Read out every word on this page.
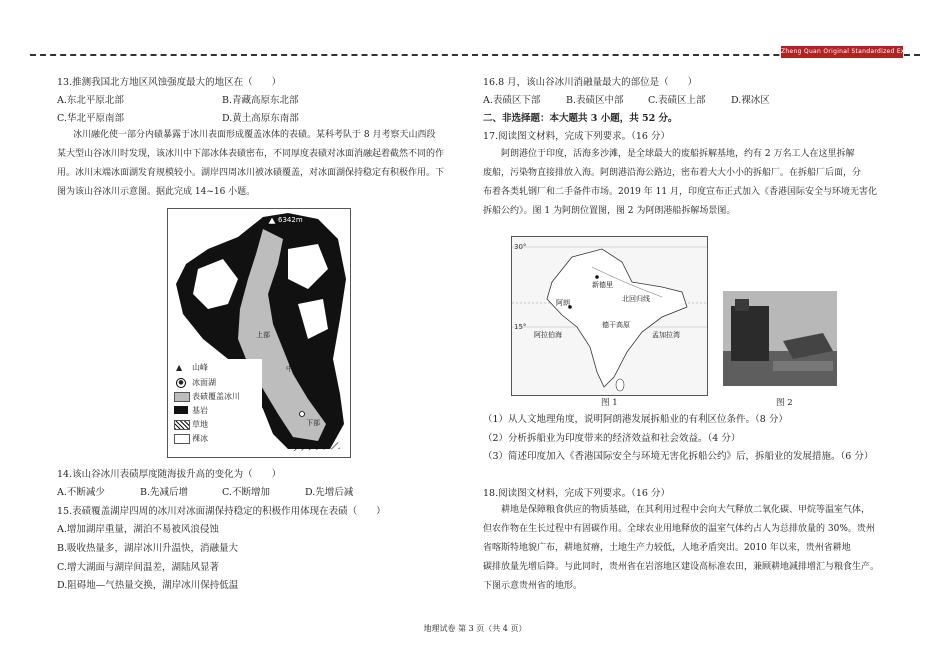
Zheng Quan Original Standardized Exam Paper
13.推测我国北方地区风蚀强度最大的地区在（　　）
A.东北平原北部	B.青藏高原东北部
C.华北平原南部	D.黄土高原东南部
冰川融化使一部分内碛暴露于冰川表面形成覆盖冰体的表碛。某科考队于 8 月考察天山西段
某大型山谷冰川时发现，该冰川中下部冰体表碛密布，不同厚度表碛对冰面消融起着截然不同的作
用。冰川末端冰面湖发育规模较小。湖岸四周冰川被冰碛覆盖，对冰面湖保持稳定有积极作用。下
图为该山谷冰川示意图。据此完成 14~16 小题。
6342m
上部
中部
下部
▲	山峰
● 冰面湖
表碛覆盖冰川
基岩
草地
裸冰
14.该山谷冰川表碛厚度随海拔升高的变化为（　　）
A.不断减少	B.先减后增	C.不断增加	D.先增后减
15.表碛覆盖湖岸四周的冰川对冰面湖保持稳定的积极作用体现在表碛（　　）
A.增加湖岸重量，湖泊不易被风浪侵蚀
B.吸收热量多，湖岸冰川升温快，消融量大
C.增大湖面与湖岸间温差，湖陆风显著
D.阻碍地—气热量交换，湖岸冰川保持低温
16.8 月，该山谷冰川消融量最大的部位是（　　）
A.表碛区下部	B.表碛区中部	C.表碛区上部	D.裸冰区
二、非选择题：本大题共 3 小题，共 52 分。
17.阅读图文材料，完成下列要求。（16 分）
阿朗港位于印度，活海多沙滩，是全球最大的废船拆解基地，约有 2 万名工人在这里拆解
废船，污染物直接排放入海。阿朗港沿海公路边，密布着大大小小的拆船厂。在拆船厂后面，分
布着各类轧钢厂和二手备件市场。2019 年 11 月，印度宣布正式加入《香港国际安全与环境无害化
拆船公约》。图 1 为阿朗位置图，图 2 为阿朗港船拆解场景图。
30°
15°
新德里
北回归线
阿朗
阿拉伯海	孟加拉湾
德干高原
图 1	图 2
（1）从人文地理角度，说明阿朗港发展拆船业的有利区位条件。（8 分）
（2）分析拆船业为印度带来的经济效益和社会效益。（4 分）
（3）简述印度加入《香港国际安全与环境无害化拆船公约》后，拆船业的发展措施。（6 分）
18.阅读图文材料，完成下列要求。（16 分）
耕地是保障粮食供应的物质基础，在其利用过程中会向大气释放二氧化碳、甲烷等温室气体，
但农作物在生长过程中有固碳作用。全球农业用地释放的温室气体约占人为总排放量的 30%。贵州
省喀斯特地貌广布，耕地贫瘠，土地生产力较低，人地矛盾突出。2010 年以来，贵州省耕地
碳排放量先增后降。与此同时，贵州省在岩溶地区建设高标准农田，兼顾耕地减排增汇与粮食生产。
下图示意贵州省的地形。
地理试卷 第 3 页（共 4 页）
